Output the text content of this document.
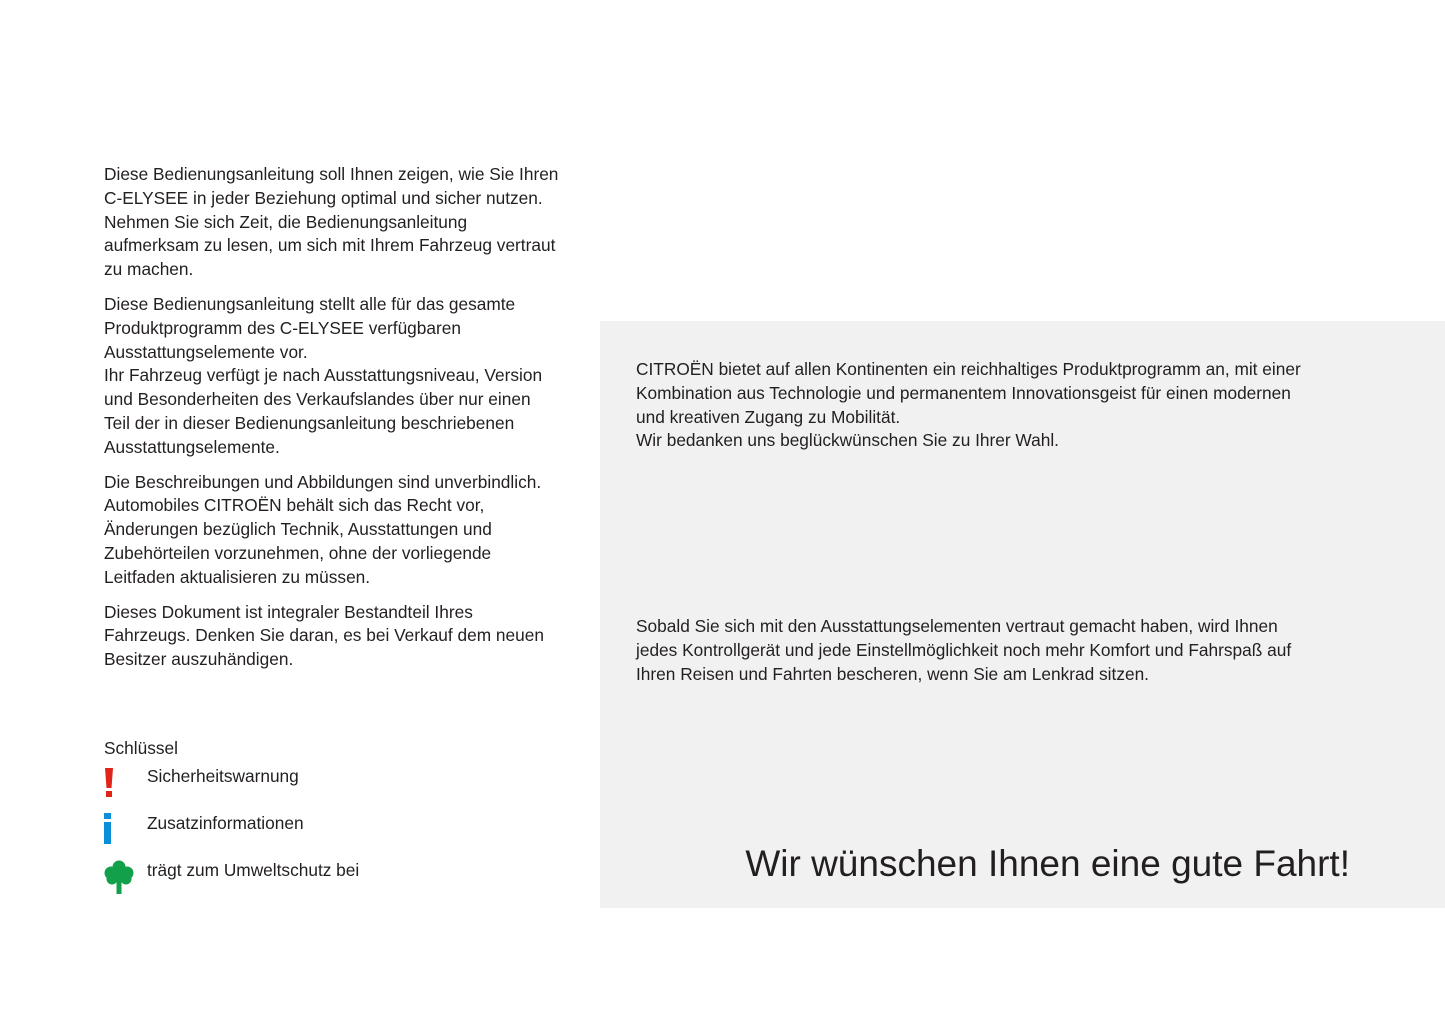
Diese Bedienungsanleitung soll Ihnen zeigen, wie Sie Ihren
C-ELYSEE in jeder Beziehung optimal und sicher nutzen.
Nehmen Sie sich Zeit, die Bedienungsanleitung
aufmerksam zu lesen, um sich mit Ihrem Fahrzeug vertraut
zu machen.

Diese Bedienungsanleitung stellt alle für das gesamte
Produktprogramm des C-ELYSEE verfügbaren
Ausstattungselemente vor.
Ihr Fahrzeug verfügt je nach Ausstattungsniveau, Version
und Besonderheiten des Verkaufslandes über nur einen
Teil der in dieser Bedienungsanleitung beschriebenen
Ausstattungselemente.

Die Beschreibungen und Abbildungen sind unverbindlich.
Automobiles CITROËN behält sich das Recht vor,
Änderungen bezüglich Technik, Ausstattungen und
Zubehörteilen vorzunehmen, ohne der vorliegende
Leitfaden aktualisieren zu müssen.

Dieses Dokument ist integraler Bestandteil Ihres
Fahrzeugs. Denken Sie daran, es bei Verkauf dem neuen
Besitzer auszuhändigen.

Schlüssel
Sicherheitswarnung
Zusatzinformationen
trägt zum Umweltschutz bei
CITROËN bietet auf allen Kontinenten ein reichhaltiges Produktprogramm an, mit einer
Kombination aus Technologie und permanentem Innovationsgeist für einen modernen
und kreativen Zugang zu Mobilität.
Wir bedanken uns beglückwünschen Sie zu Ihrer Wahl.
Sobald Sie sich mit den Ausstattungselementen vertraut gemacht haben, wird Ihnen
jedes Kontrollgerät und jede Einstellmöglichkeit noch mehr Komfort und Fahrspaß auf
Ihren Reisen und Fahrten bescheren, wenn Sie am Lenkrad sitzen.
Wir wünschen Ihnen eine gute Fahrt!
